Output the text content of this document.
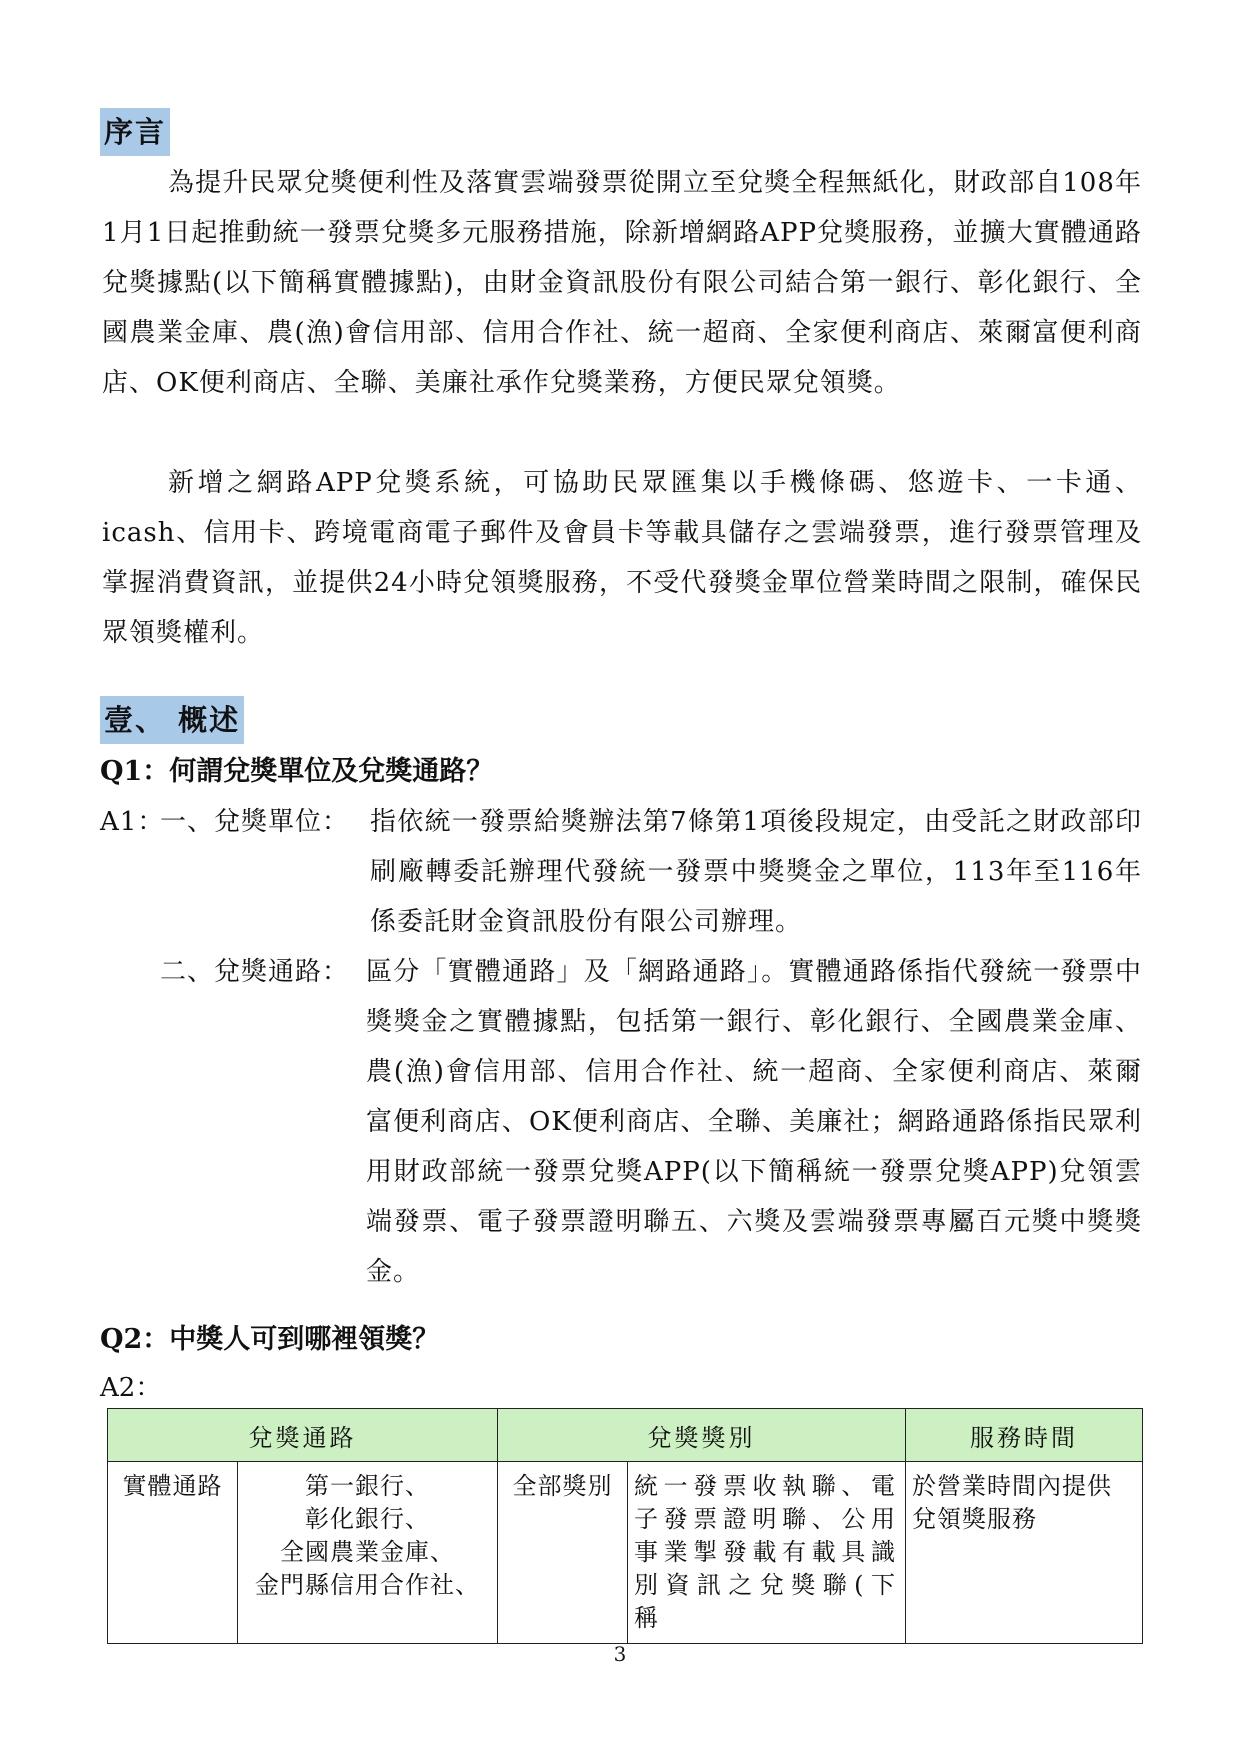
序言
為提升民眾兌獎便利性及落實雲端發票從開立至兌獎全程無紙化，財政部自108年1月1日起推動統一發票兌獎多元服務措施，除新增網路APP兌獎服務，並擴大實體通路兌獎據點(以下簡稱實體據點)，由財金資訊股份有限公司結合第一銀行、彰化銀行、全國農業金庫、農(漁)會信用部、信用合作社、統一超商、全家便利商店、萊爾富便利商店、OK便利商店、全聯、美廉社承作兌獎業務，方便民眾兌領獎。
新增之網路APP兌獎系統，可協助民眾匯集以手機條碼、悠遊卡、一卡通、icash、信用卡、跨境電商電子郵件及會員卡等載具儲存之雲端發票，進行發票管理及掌握消費資訊，並提供24小時兌領獎服務，不受代發獎金單位營業時間之限制，確保民眾領獎權利。
壹、 概述
Q1：何謂兌獎單位及兌獎通路？
A1：
一、兌獎單位： 指依統一發票給獎辦法第7條第1項後段規定，由受託之財政部印刷廠轉委託辦理代發統一發票中獎獎金之單位，113年至116年係委託財金資訊股份有限公司辦理。
二、兌獎通路： 區分「實體通路」及「網路通路」。實體通路係指代發統一發票中獎獎金之實體據點，包括第一銀行、彰化銀行、全國農業金庫、農(漁)會信用部、信用合作社、統一超商、全家便利商店、萊爾富便利商店、OK便利商店、全聯、美廉社；網路通路係指民眾利用財政部統一發票兌獎APP(以下簡稱統一發票兌獎APP)兌領雲端發票、電子發票證明聯五、六獎及雲端發票專屬百元獎中獎獎金。
Q2：中獎人可到哪裡領獎？
A2：
兌獎通路		兌獎獎別		服務時間
實體通路	第一銀行、
彰化銀行、
全國農業金庫、
金門縣信用合作社、	全部獎別	統一發票收執聯、電子發票證明聯、公用事業掣發載有載具識別資訊之兌獎聯(下稱	於營業時間內提供兌領獎服務
3
